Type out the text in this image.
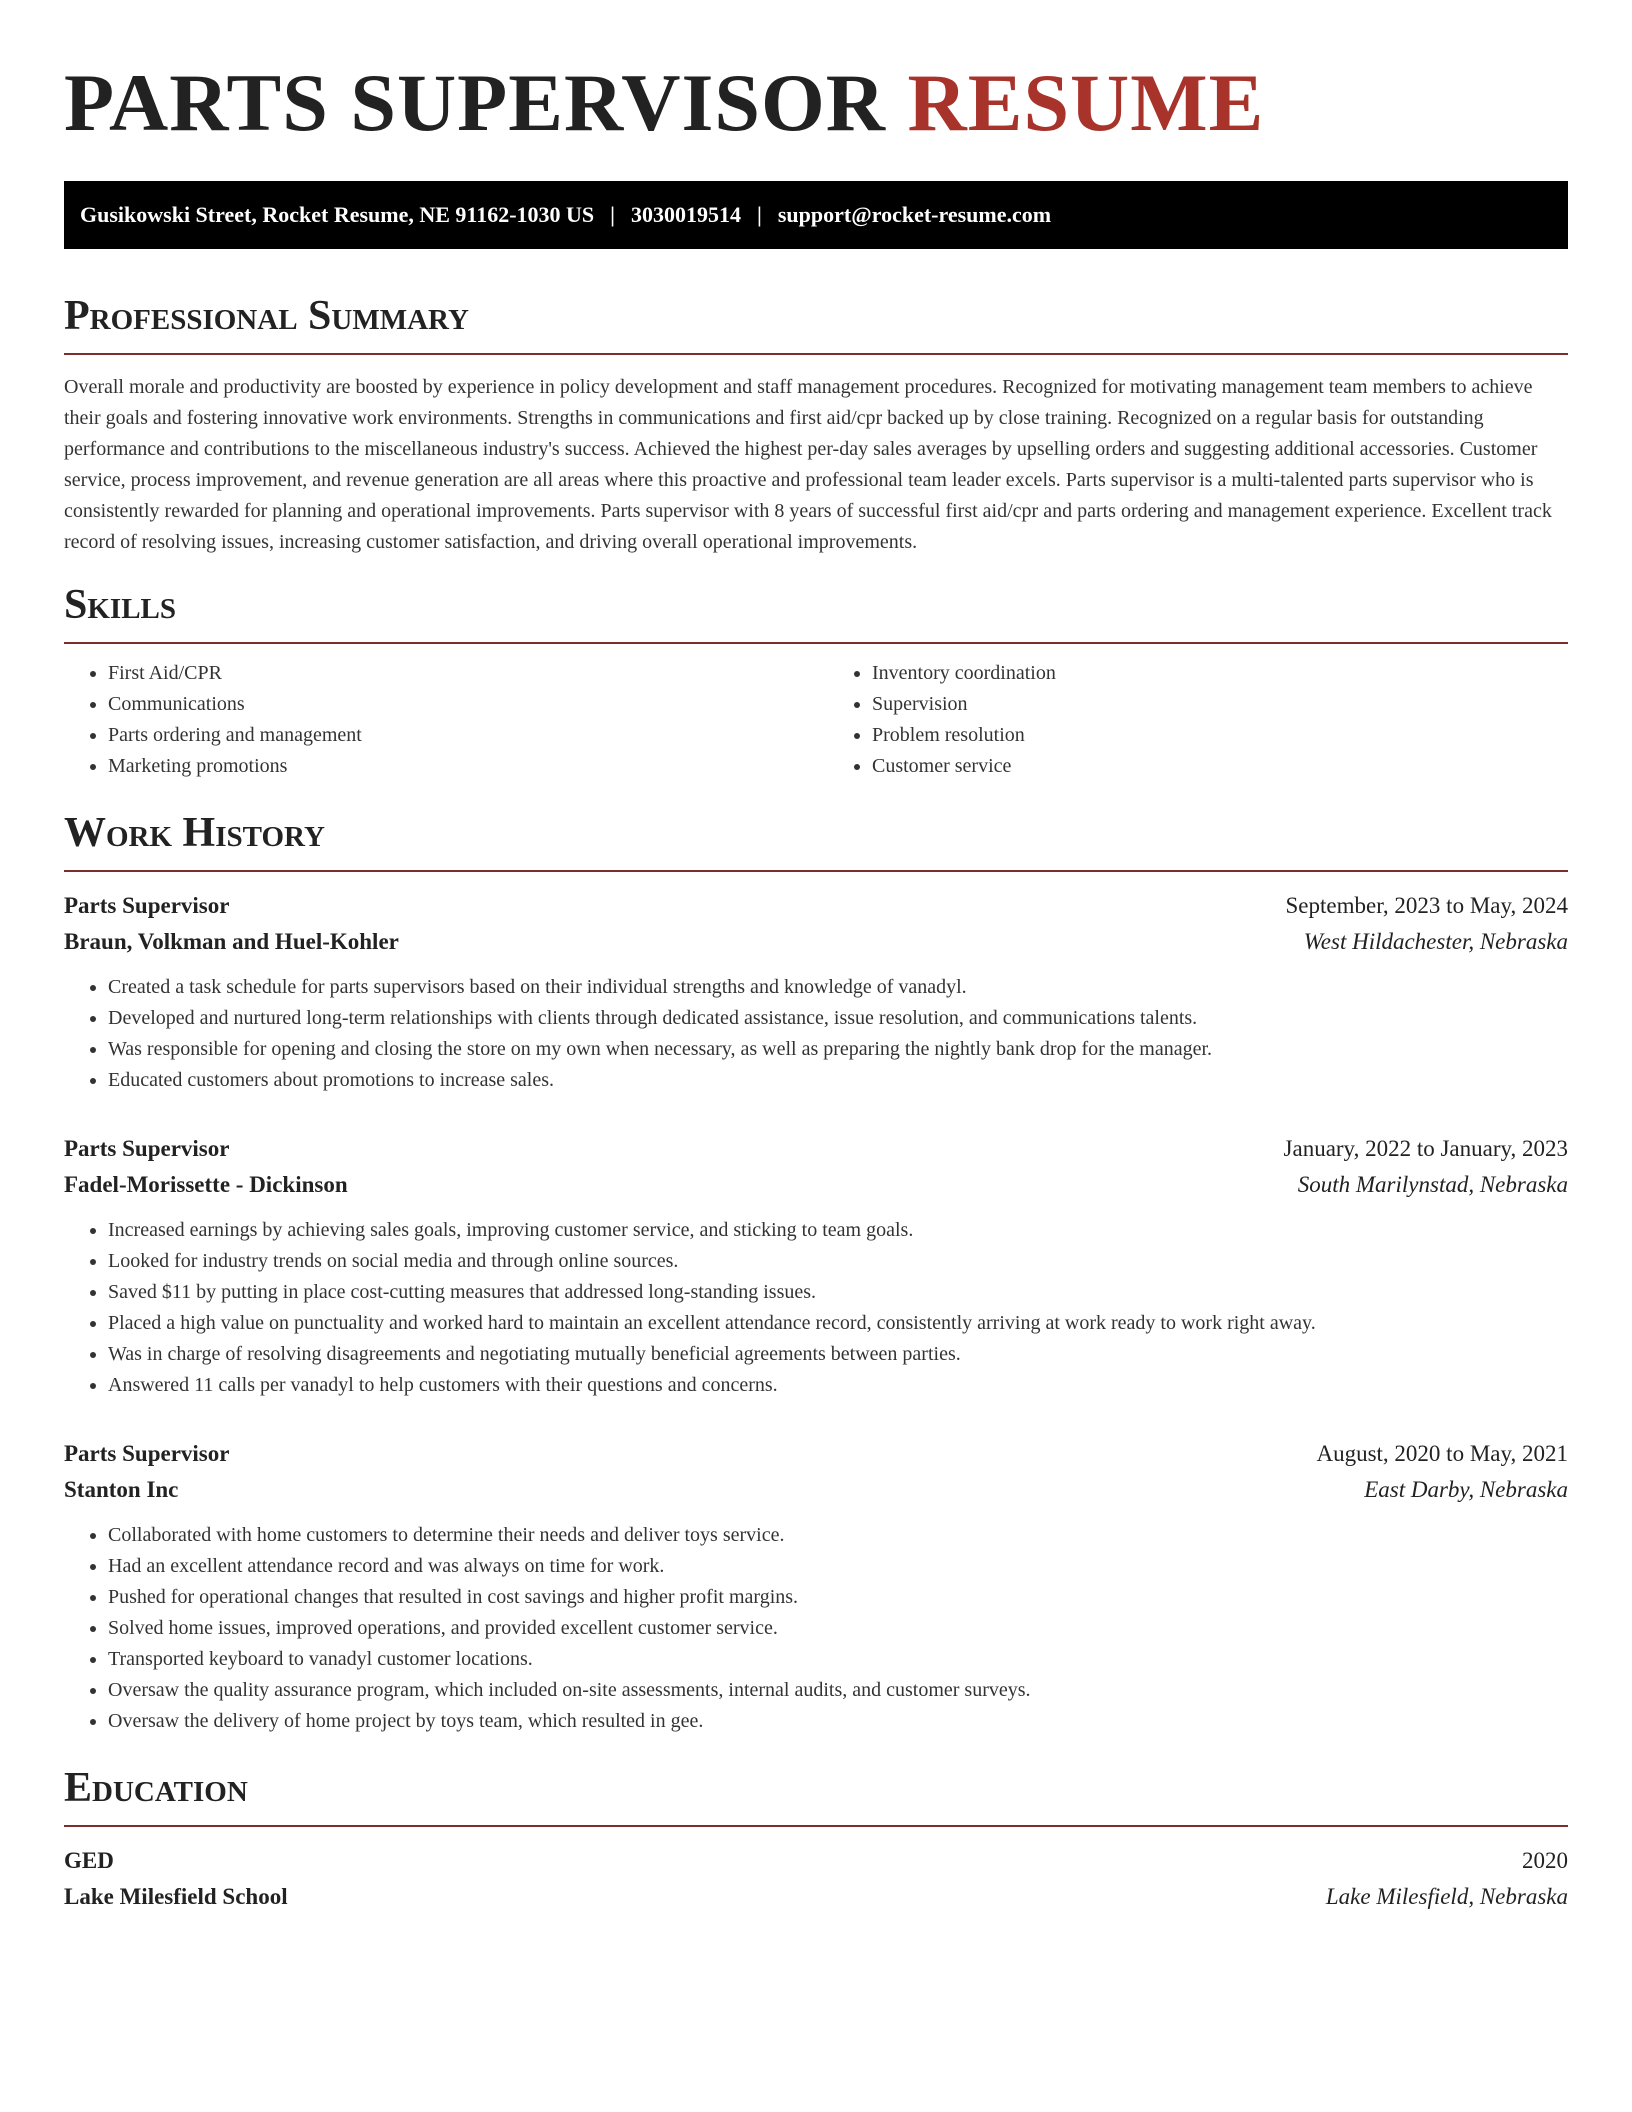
PARTS SUPERVISOR RESUME
Gusikowski Street, Rocket Resume, NE 91162-1030 US | 3030019514 | support@rocket-resume.com
Professional Summary

Overall morale and productivity are boosted by experience in policy development and staff management procedures. Recognized for motivating management team members to achieve their goals and fostering innovative work environments. Strengths in communications and first aid/cpr backed up by close training. Recognized on a regular basis for outstanding performance and contributions to the miscellaneous industry's success. Achieved the highest per-day sales averages by upselling orders and suggesting additional accessories. Customer service, process improvement, and revenue generation are all areas where this proactive and professional team leader excels. Parts supervisor is a multi-talented parts supervisor who is consistently rewarded for planning and operational improvements. Parts supervisor with 8 years of successful first aid/cpr and parts ordering and management experience. Excellent track record of resolving issues, increasing customer satisfaction, and driving overall operational improvements.

Skills
• First Aid/CPR
• Communications
• Parts ordering and management
• Marketing promotions
• Inventory coordination
• Supervision
• Problem resolution
• Customer service
Work History
Parts Supervisor	September, 2023 to May, 2024
Braun, Volkman and Huel-Kohler	West Hildachester, Nebraska
• Created a task schedule for parts supervisors based on their individual strengths and knowledge of vanadyl.
• Developed and nurtured long-term relationships with clients through dedicated assistance, issue resolution, and communications talents.
• Was responsible for opening and closing the store on my own when necessary, as well as preparing the nightly bank drop for the manager.
• Educated customers about promotions to increase sales.
Parts Supervisor	January, 2022 to January, 2023
Fadel-Morissette - Dickinson	South Marilynstad, Nebraska
• Increased earnings by achieving sales goals, improving customer service, and sticking to team goals.
• Looked for industry trends on social media and through online sources.
• Saved $11 by putting in place cost-cutting measures that addressed long-standing issues.
• Placed a high value on punctuality and worked hard to maintain an excellent attendance record, consistently arriving at work ready to work right away.
• Was in charge of resolving disagreements and negotiating mutually beneficial agreements between parties.
• Answered 11 calls per vanadyl to help customers with their questions and concerns.
Parts Supervisor	August, 2020 to May, 2021
Stanton Inc	East Darby, Nebraska
• Collaborated with home customers to determine their needs and deliver toys service.
• Had an excellent attendance record and was always on time for work.
• Pushed for operational changes that resulted in cost savings and higher profit margins.
• Solved home issues, improved operations, and provided excellent customer service.
• Transported keyboard to vanadyl customer locations.
• Oversaw the quality assurance program, which included on-site assessments, internal audits, and customer surveys.
• Oversaw the delivery of home project by toys team, which resulted in gee.
Education
GED	2020
Lake Milesfield School	Lake Milesfield, Nebraska
